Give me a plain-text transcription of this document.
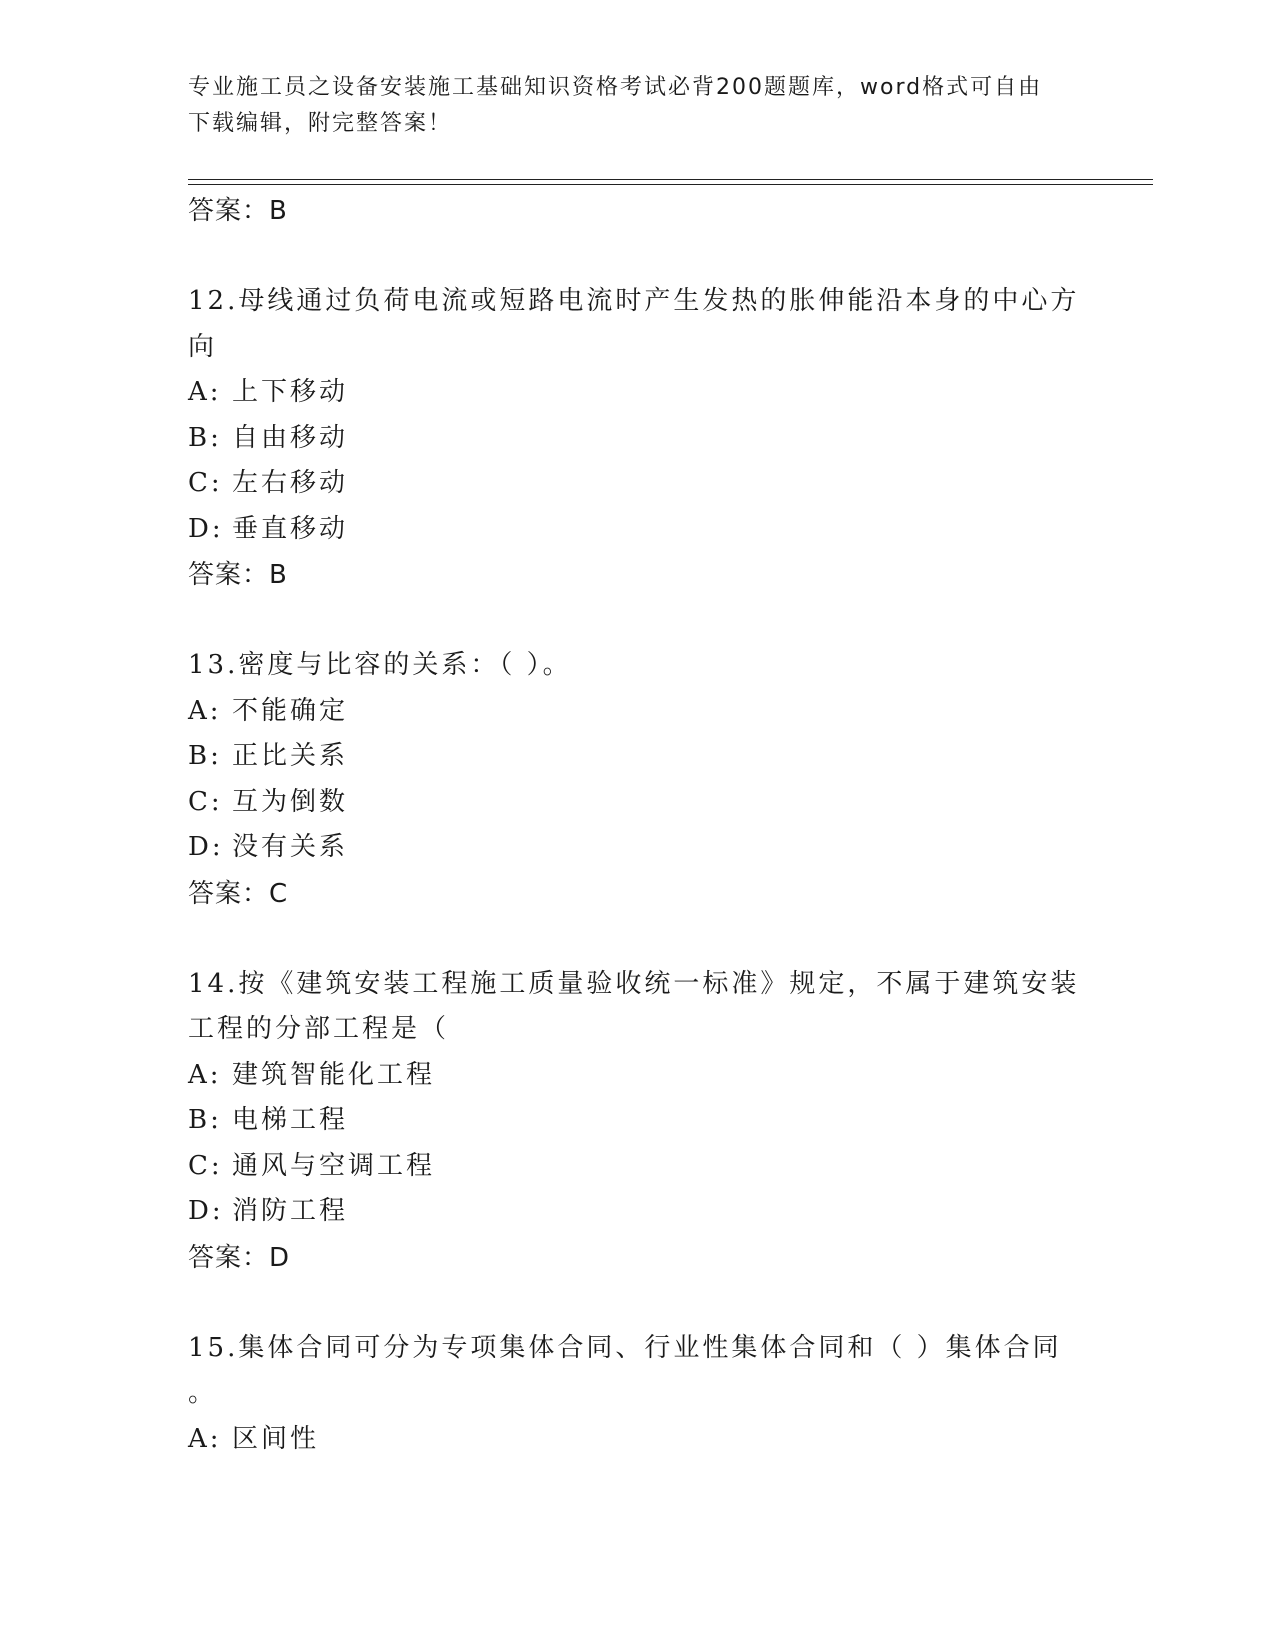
专业施工员之设备安装施工基础知识资格考试必背200题题库，word格式可自由
下载编辑，附完整答案！

答案：B

12.母线通过负荷电流或短路电流时产生发热的胀伸能沿本身的中心方

向

A: 上下移动

B: 自由移动

C: 左右移动

D: 垂直移动

答案：B

13.密度与比容的关系：（ ）。

A: 不能确定

B: 正比关系

C: 互为倒数

D: 没有关系

答案：C

14.按《建筑安装工程施工质量验收统一标准》规定，不属于建筑安装

工程的分部工程是（

A: 建筑智能化工程

B: 电梯工程

C: 通风与空调工程

D: 消防工程

答案：D

15.集体合同可分为专项集体合同、行业性集体合同和（ ）集体合同

。

A: 区间性
